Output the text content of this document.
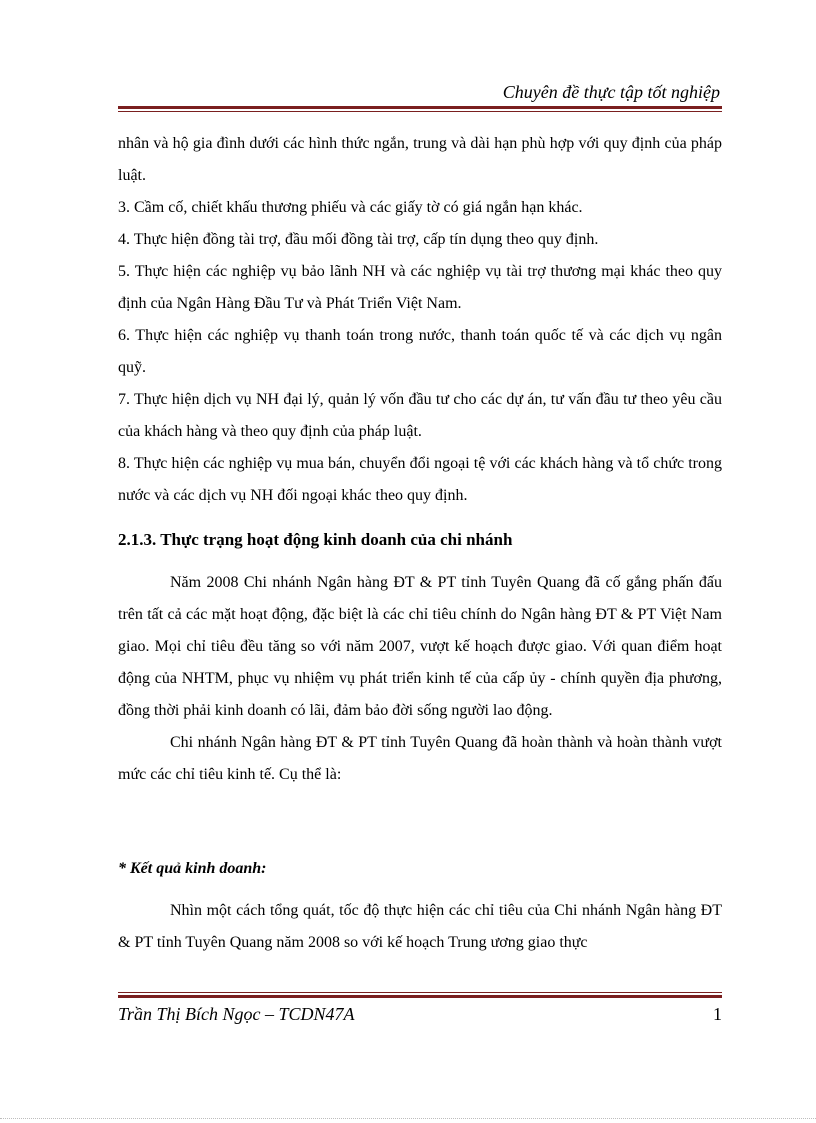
Chuyên đề thực tập tốt nghiệp

nhân và hộ gia đình dưới các hình thức ngắn, trung và dài hạn phù hợp với quy định của pháp luật.

3. Cầm cố, chiết khấu thương phiếu và các giấy tờ có giá ngắn hạn khác.

4. Thực hiện đồng tài trợ, đầu mối đồng tài trợ, cấp tín dụng theo quy định.

5. Thực hiện các nghiệp vụ bảo lãnh NH và các nghiệp vụ tài trợ thương mại khác theo quy định của Ngân Hàng Đầu Tư và Phát Triển Việt Nam.

6. Thực hiện các nghiệp vụ thanh toán trong nước, thanh toán quốc tế và các dịch vụ ngân quỹ.

7. Thực hiện dịch vụ NH đại lý, quản lý vốn đầu tư cho các dự án, tư vấn đầu tư theo yêu cầu của khách hàng và theo quy định của pháp luật.

8. Thực hiện các nghiệp vụ mua bán, chuyển đổi ngoại tệ với các khách hàng và tổ chức trong nước và các dịch vụ NH đối ngoại khác theo quy định.

2.1.3. Thực trạng hoạt động kinh doanh của chi nhánh

Năm 2008 Chi nhánh Ngân hàng ĐT & PT tỉnh Tuyên Quang đã cố gắng phấn đấu trên tất cả các mặt hoạt động, đặc biệt là các chỉ tiêu chính do Ngân hàng ĐT & PT Việt Nam giao. Mọi chỉ tiêu đều tăng so với năm 2007, vượt kế hoạch được giao. Với quan điểm hoạt động của NHTM, phục vụ nhiệm vụ phát triển kinh tế của cấp ủy - chính quyền địa phương, đồng thời phải kinh doanh có lãi, đảm bảo đời sống người lao động.

Chi nhánh Ngân hàng ĐT & PT tỉnh Tuyên Quang đã hoàn thành và hoàn thành vượt mức các chỉ tiêu kinh tế. Cụ thể là:

* Kết quả kinh doanh:

Nhìn một cách tổng quát, tốc độ thực hiện các chỉ tiêu của Chi nhánh Ngân hàng ĐT & PT tỉnh Tuyên Quang năm 2008 so với kế hoạch Trung ương giao thực

Trần Thị Bích Ngọc – TCDN47A	1
